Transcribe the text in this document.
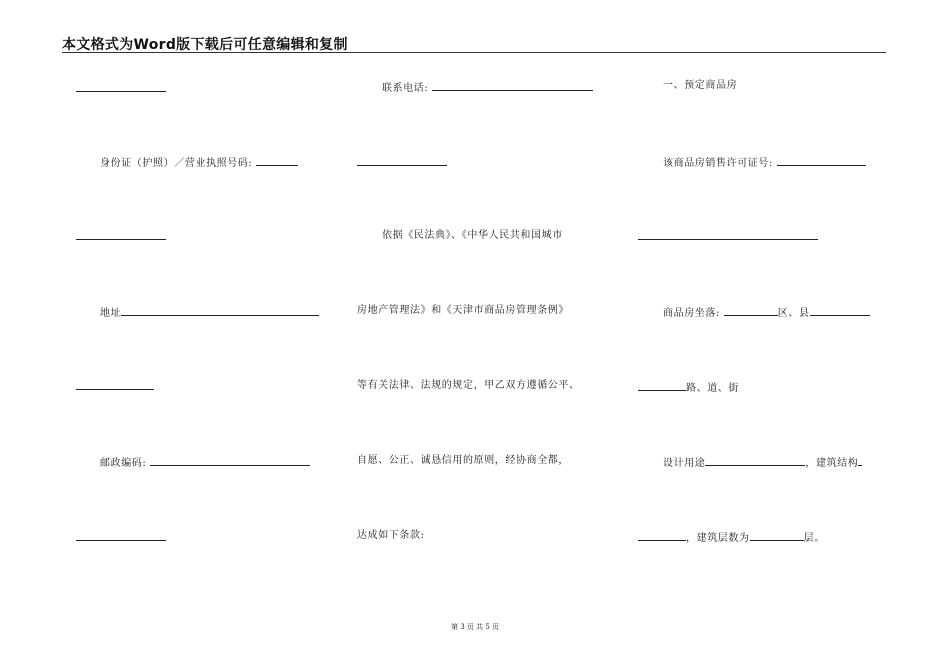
本文格式为Word版下载后可任意编辑和复制
身份证（护照）／营业执照号码:
地址
邮政编码:
联系电话:
依据《民法典》、《中华人民共和国城市
房地产管理法》和《天津市商品房管理条例》
等有关法律、法规的规定，甲乙双方遵循公平、
自愿、公正、诚恳信用的原则，经协商全都，
达成如下条款:
一、预定商品房
该商品房销售许可证号:
商品房坐落:	区、县
路、道、街
设计用途	，建筑结构
，建筑层数为	层。
第 3 页 共 5 页
